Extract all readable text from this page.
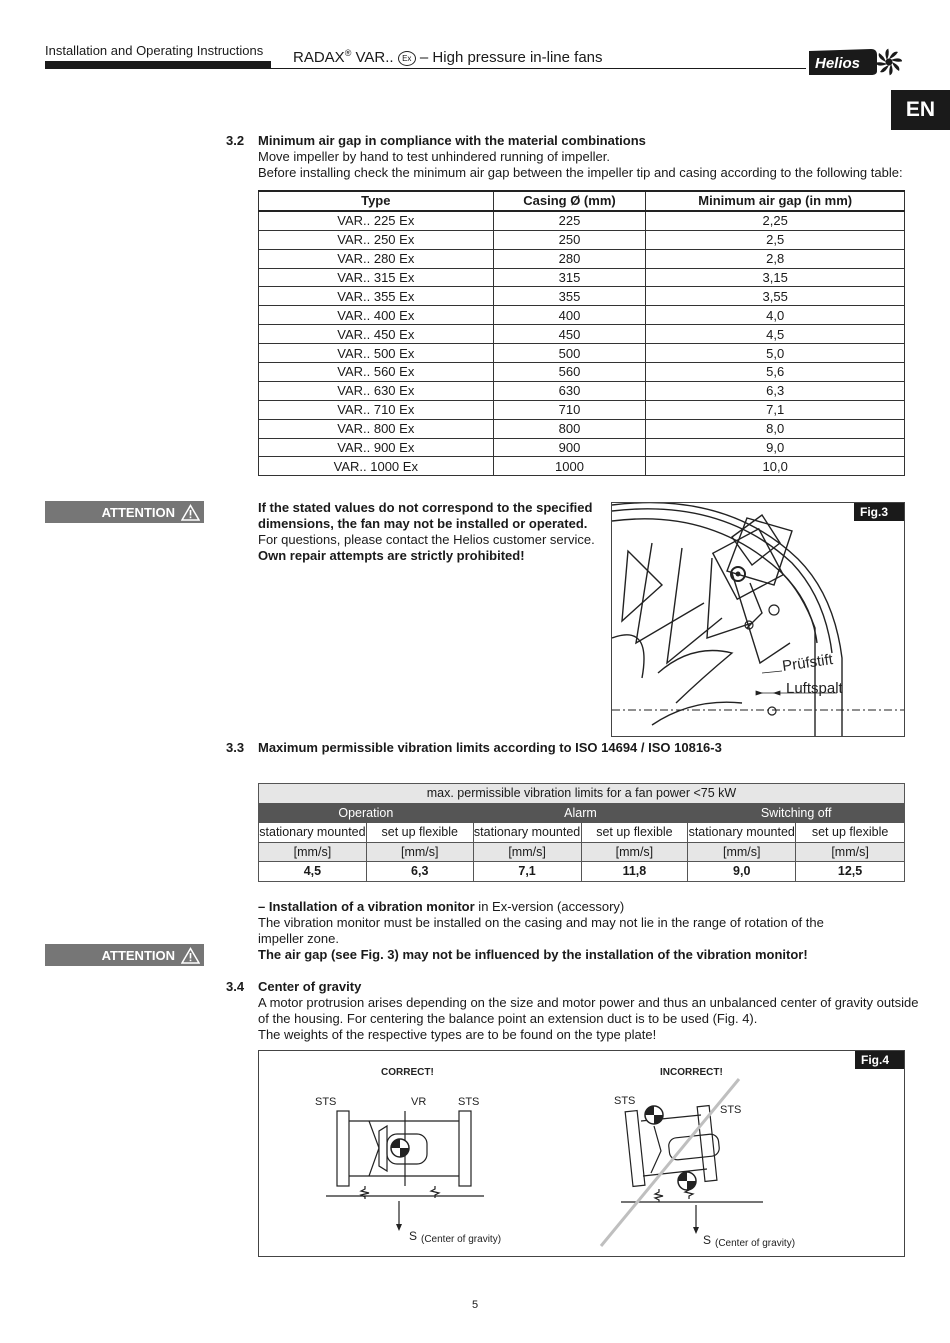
Installation and Operating Instructions RADAX® VAR.. Ex – High pressure in-line fans	Helios
EN
3.2 Minimum air gap in compliance with the material combinations
Move impeller by hand to test unhindered running of impeller.
Before installing check the minimum air gap between the impeller tip and casing according to the following table:
Type	Casing Ø (mm)	Minimum air gap (in mm)
VAR.. 225 Ex	225	2,25
VAR.. 250 Ex	250	2,5
VAR.. 280 Ex	280	2,8
VAR.. 315 Ex	315	3,15
VAR.. 355 Ex	355	3,55
VAR.. 400 Ex	400	4,0
VAR.. 450 Ex	450	4,5
VAR.. 500 Ex	500	5,0
VAR.. 560 Ex	560	5,6
VAR.. 630 Ex	630	6,3
VAR.. 710 Ex	710	7,1
VAR.. 800 Ex	800	8,0
VAR.. 900 Ex	900	9,0
VAR.. 1000 Ex	1000	10,0
ATTENTION	If the stated values do not correspond to the specified
dimensions, the fan may not be installed or operated.
For questions, please contact the Helios customer service.
Own repair attempts are strictly prohibited!
Prüfstift
Luftspalt
Fig.3
3.3 Maximum permissible vibration limits according to ISO 14694 / ISO 10816-3
max. permissible vibration limits for a fan power <75 kW					
Operation		Alarm		Switching off	
stationary mounted	set up flexible	stationary mounted	set up flexible	stationary mounted	set up flexible
[mm/s]	[mm/s]	[mm/s]	[mm/s]	[mm/s]	[mm/s]
4,5	6,3	7,1	11,8	9,0	12,5
– Installation of a vibration monitor in Ex-version (accessory)
The vibration monitor must be installed on the casing and may not lie in the range of rotation of the
impeller zone.
ATTENTION	The air gap (see Fig. 3) may not be influenced by the installation of the vibration monitor!
3.4 Center of gravity
A motor protrusion arises depending on the size and motor power and thus an unbalanced center of gravity outside
of the housing. For centering the balance point an extension duct is to be used (Fig. 4).
The weights of the respective types are to be found on the type plate!
CORRECT!	INCORRECT!
STS	VR	STS	STS
STS
S (Center of gravity)	S (Center of gravity)
Fig.4
5
